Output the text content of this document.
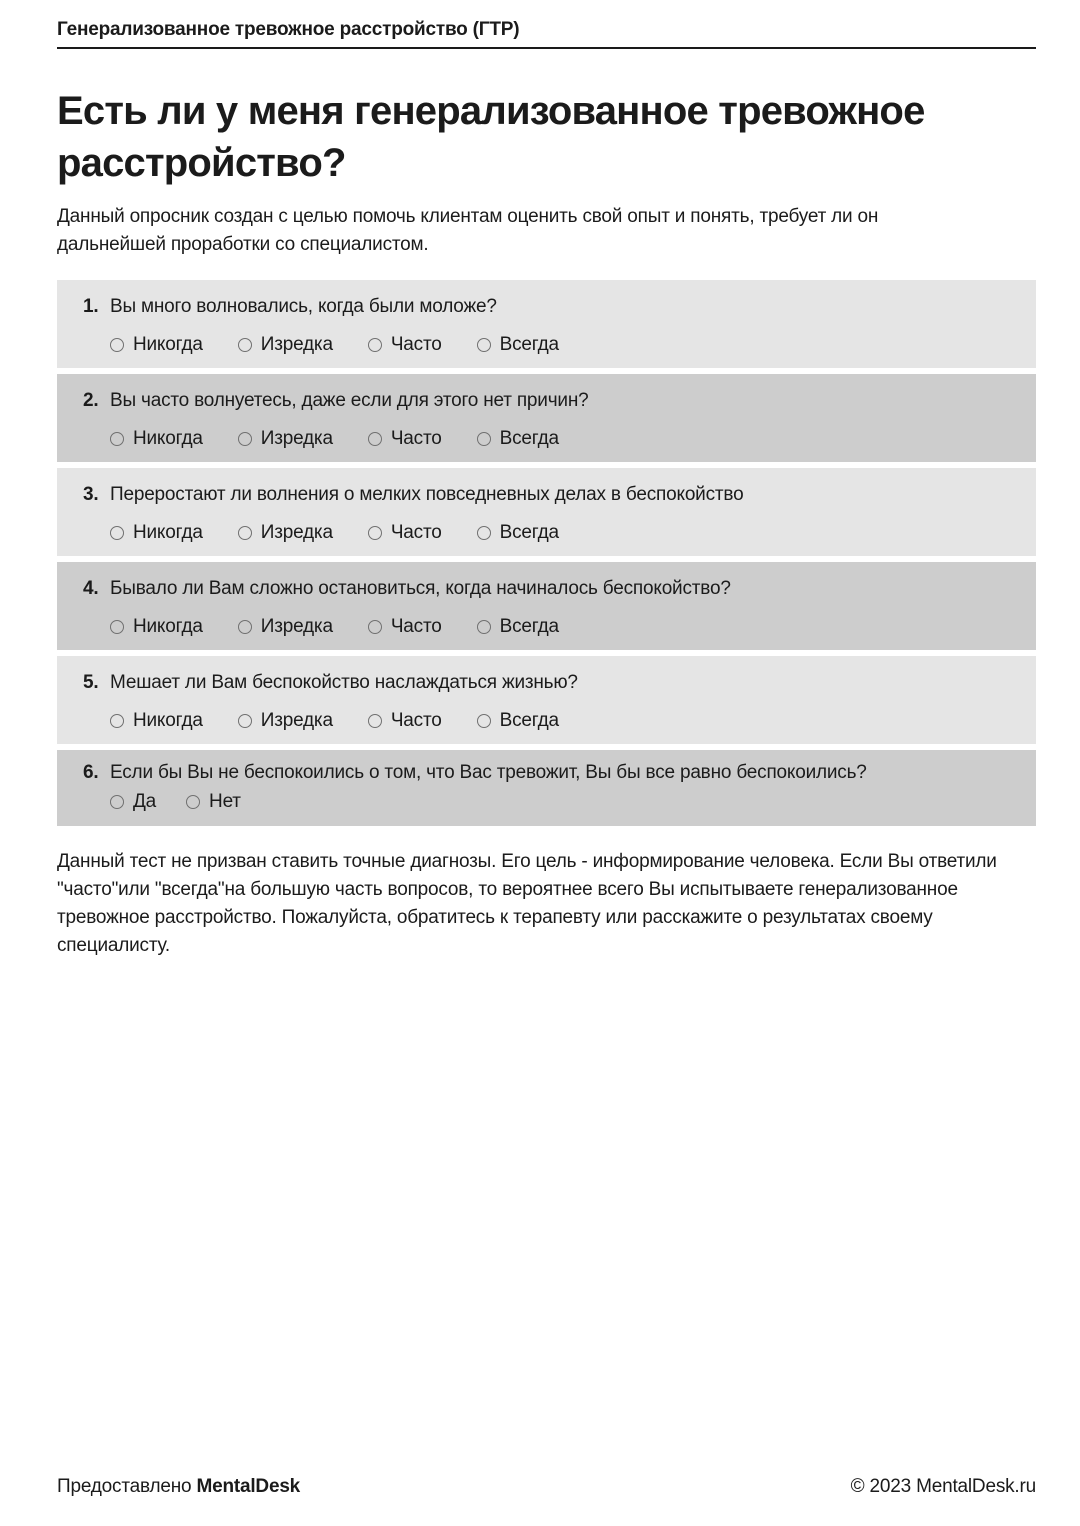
Генерализованное тревожное расстройство (ГТР)
Есть ли у меня генерализованное тревожное расстройство?

Данный опросник создан с целью помочь клиентам оценить свой опыт и понять, требует ли он дальнейшей проработки со специалистом.

1. Вы много волновались, когда были моложе?
Никогда	Изредка	Часто	Всегда
2. Вы часто волнуетесь, даже если для этого нет причин?
Никогда	Изредка	Часто	Всегда
3. Переростают ли волнения о мелких повседневных делах в беспокойство
Никогда	Изредка	Часто	Всегда
4. Бывало ли Вам сложно остановиться, когда начиналось беспокойство?
Никогда	Изредка	Часто	Всегда
5. Мешает ли Вам беспокойство наслаждаться жизнью?
Никогда	Изредка	Часто	Всегда
6. Если бы Вы не беспокоились о том, что Вас тревожит, Вы бы все равно беспокоились?
Да	Нет

Данный тест не призван ставить точные диагнозы. Его цель - информирование человека. Если Вы ответили "часто"или "всегда"на большую часть вопросов, то вероятнее всего Вы испытываете генерализованное тревожное расстройство. Пожалуйста, обратитесь к терапевту или расскажите о результатах своему специалисту.

Предоставлено MentalDesk	© 2023 MentalDesk.ru
